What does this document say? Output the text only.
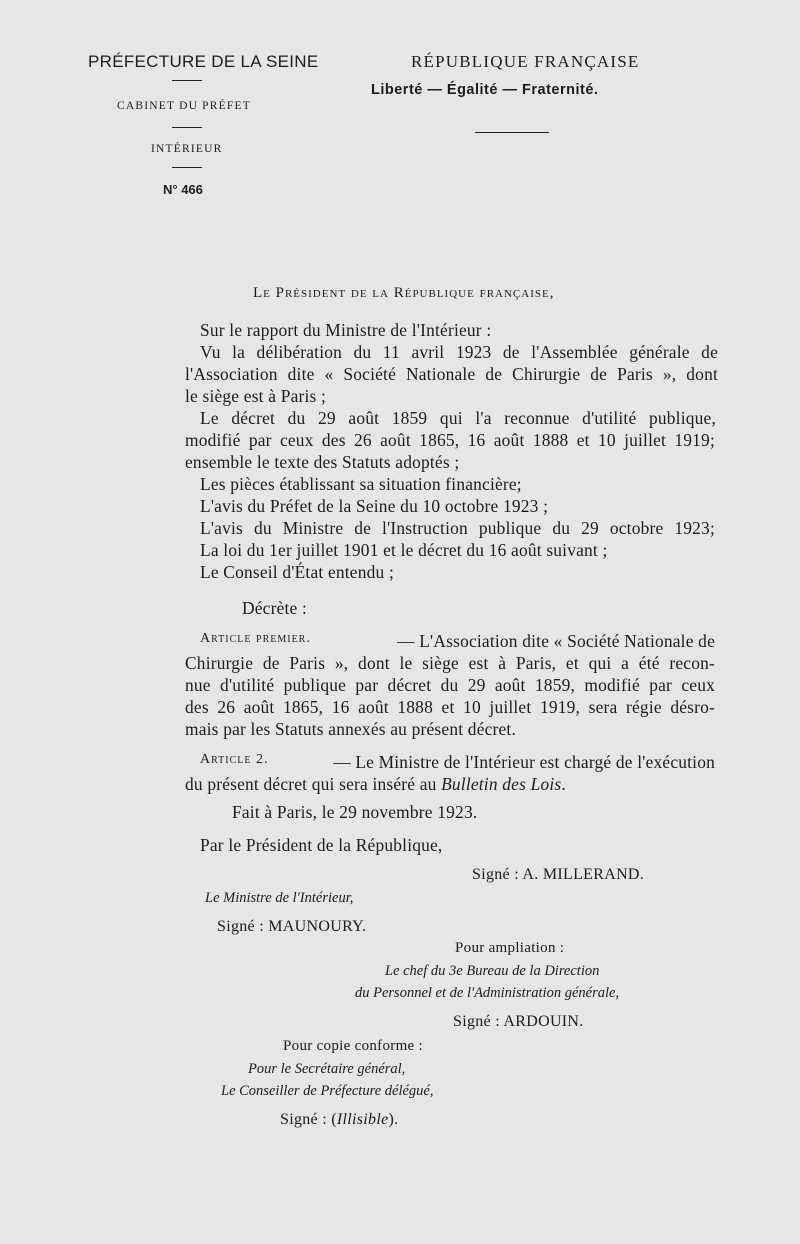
PRÉFECTURE DE LA SEINE
CABINET DU PRÉFET
INTÉRIEUR
N° 466
RÉPUBLIQUE FRANÇAISE
Liberté — Égalité — Fraternité.
Le Président de la République française,
Sur le rapport du Ministre de l'Intérieur :
Vu la délibération du 11 avril 1923 de l'Assemblée générale de
l'Association dite « Société Nationale de Chirurgie de Paris », dont
le siège est à Paris ;
Le décret du 29 août 1859 qui l'a reconnue d'utilité publique,
modifié par ceux des 26 août 1865, 16 août 1888 et 10 juillet 1919;
ensemble le texte des Statuts adoptés ;
Les pièces établissant sa situation financière;
L'avis du Préfet de la Seine du 10 octobre 1923 ;
L'avis du Ministre de l'Instruction publique du 29 octobre 1923;
La loi du 1er juillet 1901 et le décret du 16 août suivant ;
Le Conseil d'État entendu ;
Décrète :
Article premier.	— L'Association dite « Société Nationale de
Chirurgie de Paris », dont le siège est à Paris, et qui a été recon-
nue d'utilité publique par décret du 29 août 1859, modifié par ceux
des 26 août 1865, 16 août 1888 et 10 juillet 1919, sera régie désro-
mais par les Statuts annexés au présent décret.
Article 2.	— Le Ministre de l'Intérieur est chargé de l'exécution
du présent décret qui sera inséré au Bulletin des Lois.
Fait à Paris, le 29 novembre 1923.
Par le Président de la République,
Signé : A. MILLERAND.
Le Ministre de l'Intérieur,
Signé : MAUNOURY.
Pour ampliation :
Le chef du 3e Bureau de la Direction
du Personnel et de l'Administration générale,
Signé : ARDOUIN.
Pour copie conforme :
Pour le Secrétaire général,
Le Conseiller de Préfecture délégué,
Signé : (Illisible).
